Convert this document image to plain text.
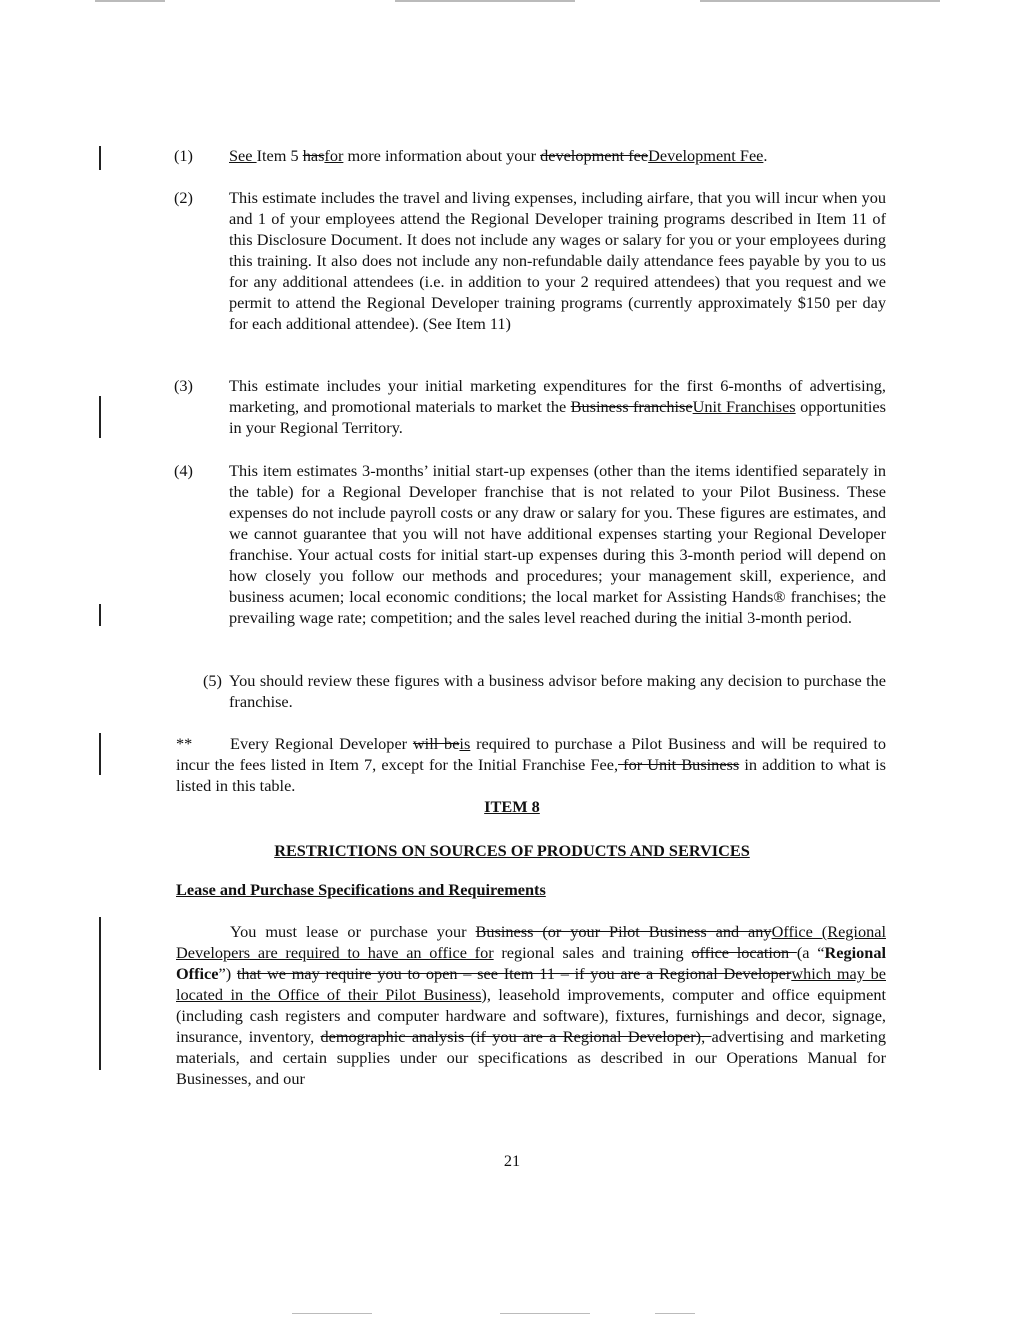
(1) See Item 5 hasfor more information about your development feeDevelopment Fee.
(2) This estimate includes the travel and living expenses, including airfare, that you will incur when you and 1 of your employees attend the Regional Developer training programs described in Item 11 of this Disclosure Document. It does not include any wages or salary for you or your employees during this training. It also does not include any non-refundable daily attendance fees payable by you to us for any additional attendees (i.e. in addition to your 2 required attendees) that you request and we permit to attend the Regional Developer training programs (currently approximately $150 per day for each additional attendee). (See Item 11)
(3) This estimate includes your initial marketing expenditures for the first 6-months of advertising, marketing, and promotional materials to market the Business franchiseUnit Franchises opportunities in your Regional Territory.
(4) This item estimates 3-months’ initial start-up expenses (other than the items identified separately in the table) for a Regional Developer franchise that is not related to your Pilot Business. These expenses do not include payroll costs or any draw or salary for you. These figures are estimates, and we cannot guarantee that you will not have additional expenses starting your Regional Developer franchise. Your actual costs for initial start-up expenses during this 3-month period will depend on how closely you follow our methods and procedures; your management skill, experience, and business acumen; local economic conditions; the local market for Assisting Hands® franchises; the prevailing wage rate; competition; and the sales level reached during the initial 3-month period.
(5) You should review these figures with a business advisor before making any decision to purchase the franchise.
** Every Regional Developer will beis required to purchase a Pilot Business and will be required to incur the fees listed in Item 7, except for the Initial Franchise Fee, for Unit Business in addition to what is listed in this table.
ITEM 8
RESTRICTIONS ON SOURCES OF PRODUCTS AND SERVICES
Lease and Purchase Specifications and Requirements
You must lease or purchase your Business (or your Pilot Business and anyOffice (Regional Developers are required to have an office for regional sales and training office location (a “Regional Office”) that we may require you to open – see Item 11 – if you are a Regional Developerwhich may be located in the Office of their Pilot Business), leasehold improvements, computer and office equipment (including cash registers and computer hardware and software), fixtures, furnishings and decor, signage, insurance, inventory, demographic analysis (if you are a Regional Developer), advertising and marketing materials, and certain supplies under our specifications as described in our Operations Manual for Businesses, and our
21
